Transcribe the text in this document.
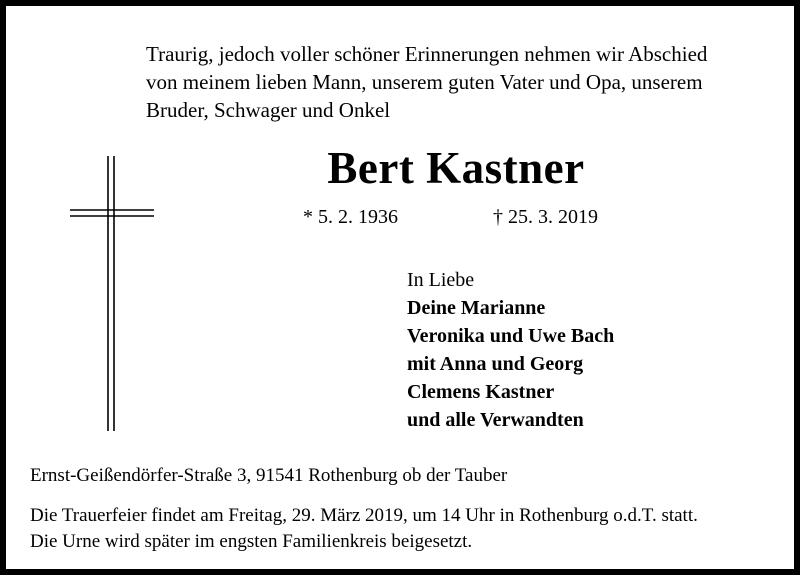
Traurig, jedoch voller schöner Erinnerungen nehmen wir Abschied
von meinem lieben Mann, unserem guten Vater und Opa, unserem
Bruder, Schwager und Onkel

Bert Kastner
* 5. 2. 1936	† 25. 3. 2019
In Liebe
Deine Marianne
Veronika und Uwe Bach
mit Anna und Georg
Clemens Kastner
und alle Verwandten
Ernst-Geißendörfer-Straße 3, 91541 Rothenburg ob der Tauber
Die Trauerfeier findet am Freitag, 29. März 2019, um 14 Uhr in Rothenburg o.d.T. statt.
Die Urne wird später im engsten Familienkreis beigesetzt.
